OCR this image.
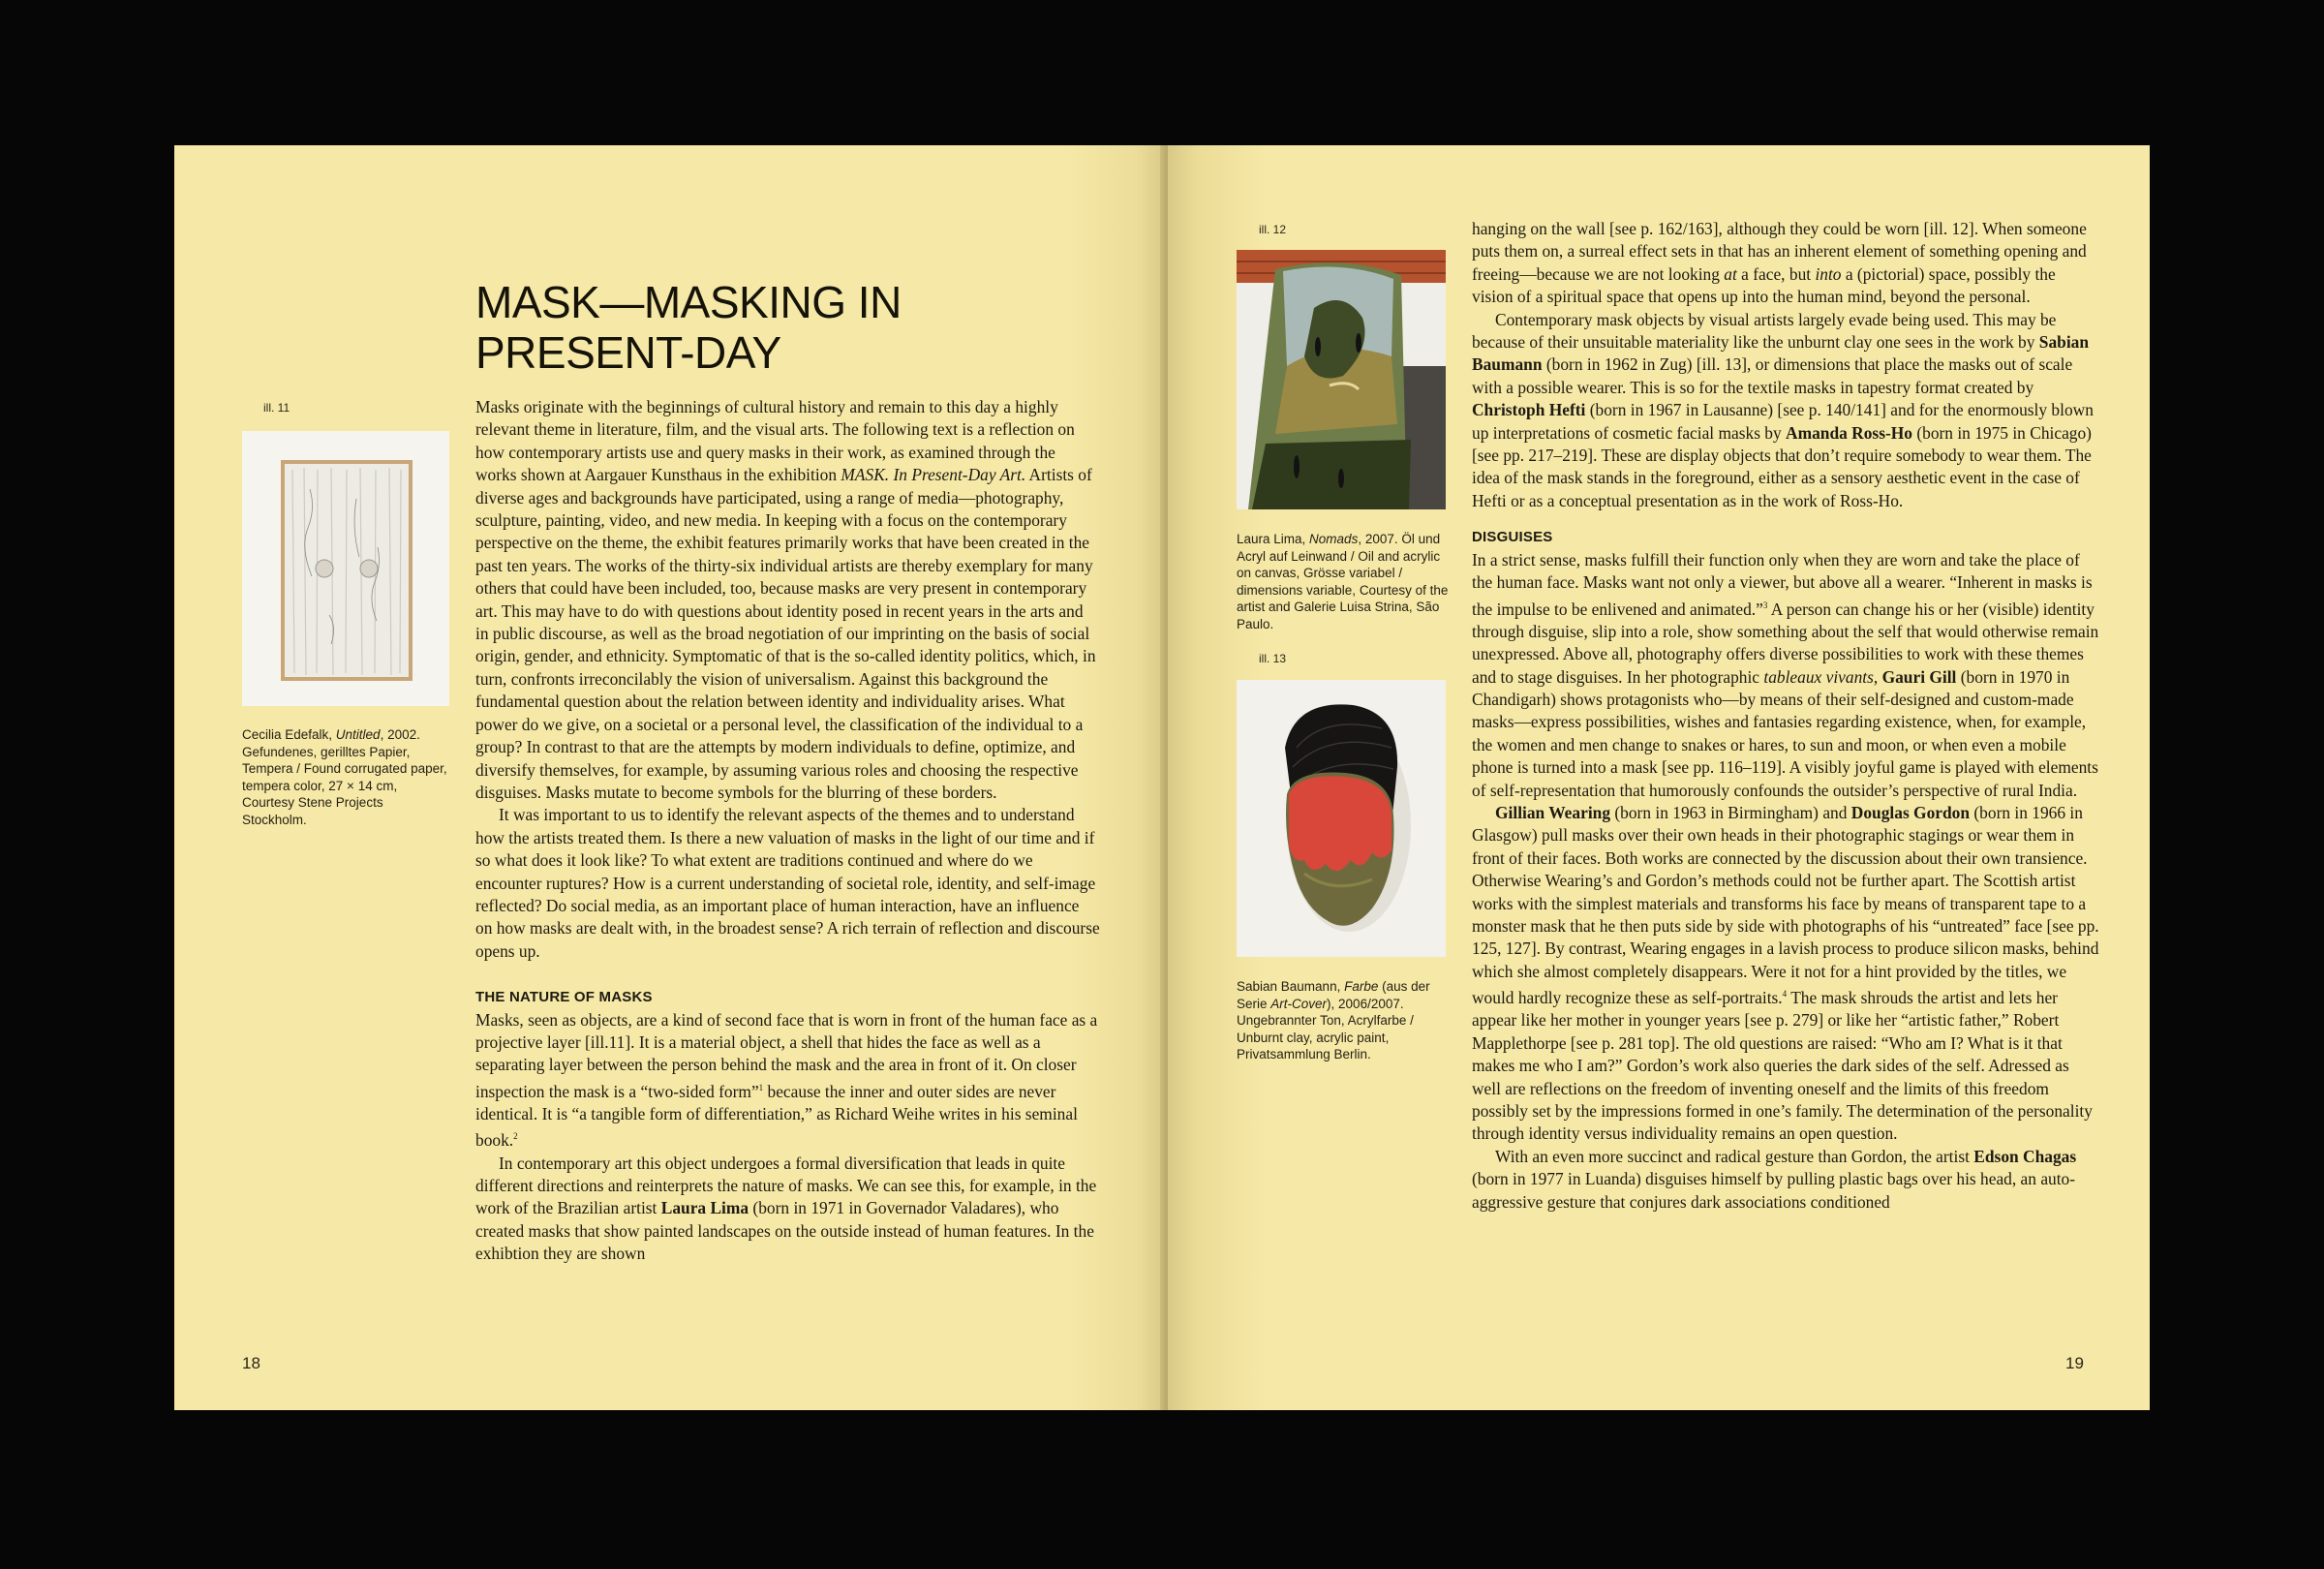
MASK—MASKING IN
PRESENT-DAY
ill. 11

Cecilia Edefalk, Untitled, 2002. Gefundenes, gerilltes Papier, Tempera / Found corrugated paper, tempera color, 27 × 14 cm, Courtesy Stene Projects Stockholm.

Masks originate with the beginnings of cultural history and remain to this day a highly relevant theme in literature, film, and the visual arts. The following text is a reflection on how contemporary artists use and query masks in their work, as examined through the works shown at Aargauer Kunsthaus in the exhibition MASK. In Present-Day Art. Artists of diverse ages and backgrounds have participated, using a range of media—photography, sculpture, painting, video, and new media. In keeping with a focus on the contemporary perspective on the theme, the exhibit features primarily works that have been created in the past ten years. The works of the thirty-six individual artists are thereby exemplary for many others that could have been included, too, because masks are very present in contemporary art. This may have to do with questions about identity posed in recent years in the arts and in public discourse, as well as the broad negotiation of our imprinting on the basis of social origin, gender, and ethnicity. Symptomatic of that is the so-called identity politics, which, in turn, confronts irreconcilably the vision of universalism. Against this background the fundamental question about the relation between identity and individuality arises. What power do we give, on a societal or a personal level, the classification of the individual to a group? In contrast to that are the attempts by modern individuals to define, optimize, and diversify themselves, for example, by assuming various roles and choosing the respective disguises. Masks mutate to become symbols for the blurring of these borders.

It was important to us to identify the relevant aspects of the themes and to understand how the artists treated them. Is there a new valuation of masks in the light of our time and if so what does it look like? To what extent are traditions continued and where do we encounter ruptures? How is a current understanding of societal role, identity, and self-image reflected? Do social media, as an important place of human interaction, have an influence on how masks are dealt with, in the broadest sense? A rich terrain of reflection and discourse opens up.

THE NATURE OF MASKS

Masks, seen as objects, are a kind of second face that is worn in front of the human face as a projective layer [ill.11]. It is a material object, a shell that hides the face as well as a separating layer between the person behind the mask and the area in front of it. On closer inspection the mask is a “two-sided form”$^1$ because the inner and outer sides are never identical. It is “a tangible form of differentiation,” as Richard Weihe writes in his seminal book.$^2$

In contemporary art this object undergoes a formal diversification that leads in quite different directions and reinterprets the nature of masks. We can see this, for example, in the work of the Brazilian artist Laura Lima (born in 1971 in Governador Valadares), who created masks that show painted landscapes on the outside instead of human features. In the exhibtion they are shown

18
ill. 12

Laura Lima, Nomads, 2007. Öl und Acryl auf Leinwand / Oil and acrylic on canvas, Grösse variabel / dimensions variable, Courtesy of the artist and Galerie Luisa Strina, São Paulo.

ill. 13

Sabian Baumann, Farbe (aus der Serie Art-Cover), 2006/2007. Ungebrannter Ton, Acrylfarbe / Unburnt clay, acrylic paint, Privatsammlung Berlin.

hanging on the wall [see p. 162/163], although they could be worn [ill. 12]. When someone puts them on, a surreal effect sets in that has an inherent element of something opening and freeing—because we are not looking at a face, but into a (pictorial) space, possibly the vision of a spiritual space that opens up into the human mind, beyond the personal.

Contemporary mask objects by visual artists largely evade being used. This may be because of their unsuitable materiality like the unburnt clay one sees in the work by Sabian Baumann (born in 1962 in Zug) [ill. 13], or dimensions that place the masks out of scale with a possible wearer. This is so for the textile masks in tapestry format created by Christoph Hefti (born in 1967 in Lausanne) [see p. 140/141] and for the enormously blown up interpretations of cosmetic facial masks by Amanda Ross-Ho (born in 1975 in Chicago) [see pp. 217–219]. These are display objects that don’t require somebody to wear them. The idea of the mask stands in the foreground, either as a sensory aesthetic event in the case of Hefti or as a conceptual presentation as in the work of Ross-Ho.

DISGUISES

In a strict sense, masks fulfill their function only when they are worn and take the place of the human face. Masks want not only a viewer, but above all a wearer. “Inherent in masks is the impulse to be enlivened and animated.”$^3$ A person can change his or her (visible) identity through disguise, slip into a role, show something about the self that would otherwise remain unexpressed. Above all, photography offers diverse possibilities to work with these themes and to stage disguises. In her photographic tableaux vivants, Gauri Gill (born in 1970 in Chandigarh) shows protagonists who—by means of their self-designed and custom-made masks—express possibilities, wishes and fantasies regarding existence, when, for example, the women and men change to snakes or hares, to sun and moon, or when even a mobile phone is turned into a mask [see pp. 116–119]. A visibly joyful game is played with elements of self-representation that humorously confounds the outsider’s perspective of rural India.

Gillian Wearing (born in 1963 in Birmingham) and Douglas Gordon (born in 1966 in Glasgow) pull masks over their own heads in their photographic stagings or wear them in front of their faces. Both works are connected by the discussion about their own transience. Otherwise Wearing’s and Gordon’s methods could not be further apart. The Scottish artist works with the simplest materials and transforms his face by means of transparent tape to a monster mask that he then puts side by side with photographs of his “untreated” face [see pp. 125, 127]. By contrast, Wearing engages in a lavish process to produce silicon masks, behind which she almost completely disappears. Were it not for a hint provided by the titles, we would hardly recognize these as self-portraits.$^4$ The mask shrouds the artist and lets her appear like her mother in younger years [see p. 279] or like her “artistic father,” Robert Mapplethorpe [see p. 281 top]. The old questions are raised: “Who am I? What is it that makes me who I am?” Gordon’s work also queries the dark sides of the self. Adressed as well are reflections on the freedom of inventing oneself and the limits of this freedom possibly set by the impressions formed in one’s family. The determination of the personality through identity versus individuality remains an open question.

With an even more succinct and radical gesture than Gordon, the artist Edson Chagas (born in 1977 in Luanda) disguises himself by pulling plastic bags over his head, an auto-aggressive gesture that conjures dark associations conditioned

19
